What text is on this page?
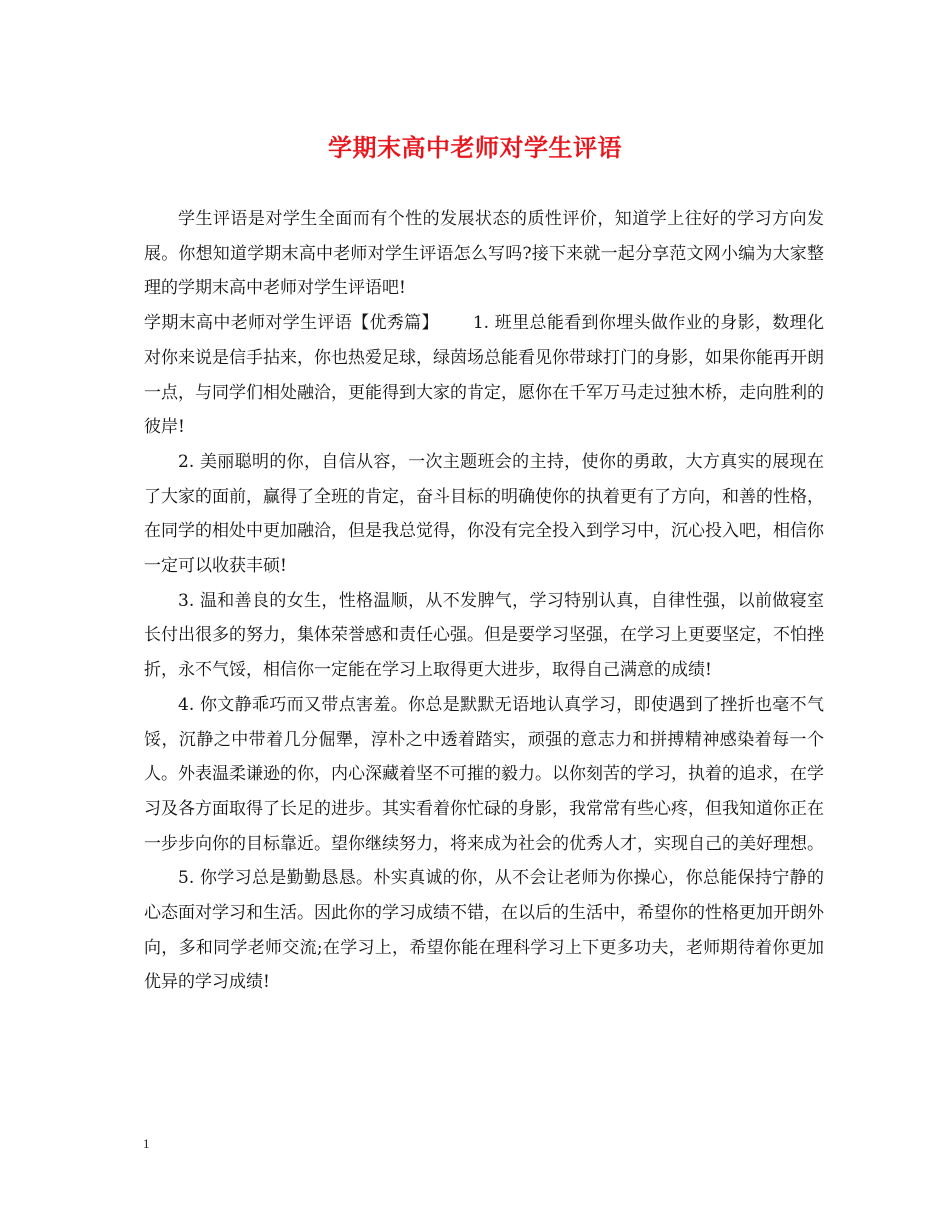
学期末高中老师对学生评语

学生评语是对学生全面而有个性的发展状态的质性评价，知道学上往好的学习方向发展。你想知道学期末高中老师对学生评语怎么写吗?接下来就一起分享范文网小编为大家整理的学期末高中老师对学生评语吧!

学期末高中老师对学生评语【优秀篇】 1. 班里总能看到你埋头做作业的身影，数理化对你来说是信手拈来，你也热爱足球，绿茵场总能看见你带球打门的身影，如果你能再开朗一点，与同学们相处融洽，更能得到大家的肯定，愿你在千军万马走过独木桥，走向胜利的彼岸!

2. 美丽聪明的你，自信从容，一次主题班会的主持，使你的勇敢，大方真实的展现在了大家的面前，赢得了全班的肯定，奋斗目标的明确使你的执着更有了方向，和善的性格，在同学的相处中更加融洽，但是我总觉得，你没有完全投入到学习中，沉心投入吧，相信你一定可以收获丰硕!

3. 温和善良的女生，性格温顺，从不发脾气，学习特别认真，自律性强，以前做寝室长付出很多的努力，集体荣誉感和责任心强。但是要学习坚强，在学习上更要坚定，不怕挫折，永不气馁，相信你一定能在学习上取得更大进步，取得自己满意的成绩!

4. 你文静乖巧而又带点害羞。你总是默默无语地认真学习，即使遇到了挫折也毫不气馁，沉静之中带着几分倔犟，淳朴之中透着踏实，顽强的意志力和拼搏精神感染着每一个人。外表温柔谦逊的你，内心深藏着坚不可摧的毅力。以你刻苦的学习，执着的追求，在学习及各方面取得了长足的进步。其实看着你忙碌的身影，我常常有些心疼，但我知道你正在一步步向你的目标靠近。望你继续努力，将来成为社会的优秀人才，实现自己的美好理想。

5. 你学习总是勤勤恳恳。朴实真诚的你，从不会让老师为你操心，你总能保持宁静的心态面对学习和生活。因此你的学习成绩不错，在以后的生活中，希望你的性格更加开朗外向，多和同学老师交流;在学习上，希望你能在理科学习上下更多功夫，老师期待着你更加优异的学习成绩!

1
